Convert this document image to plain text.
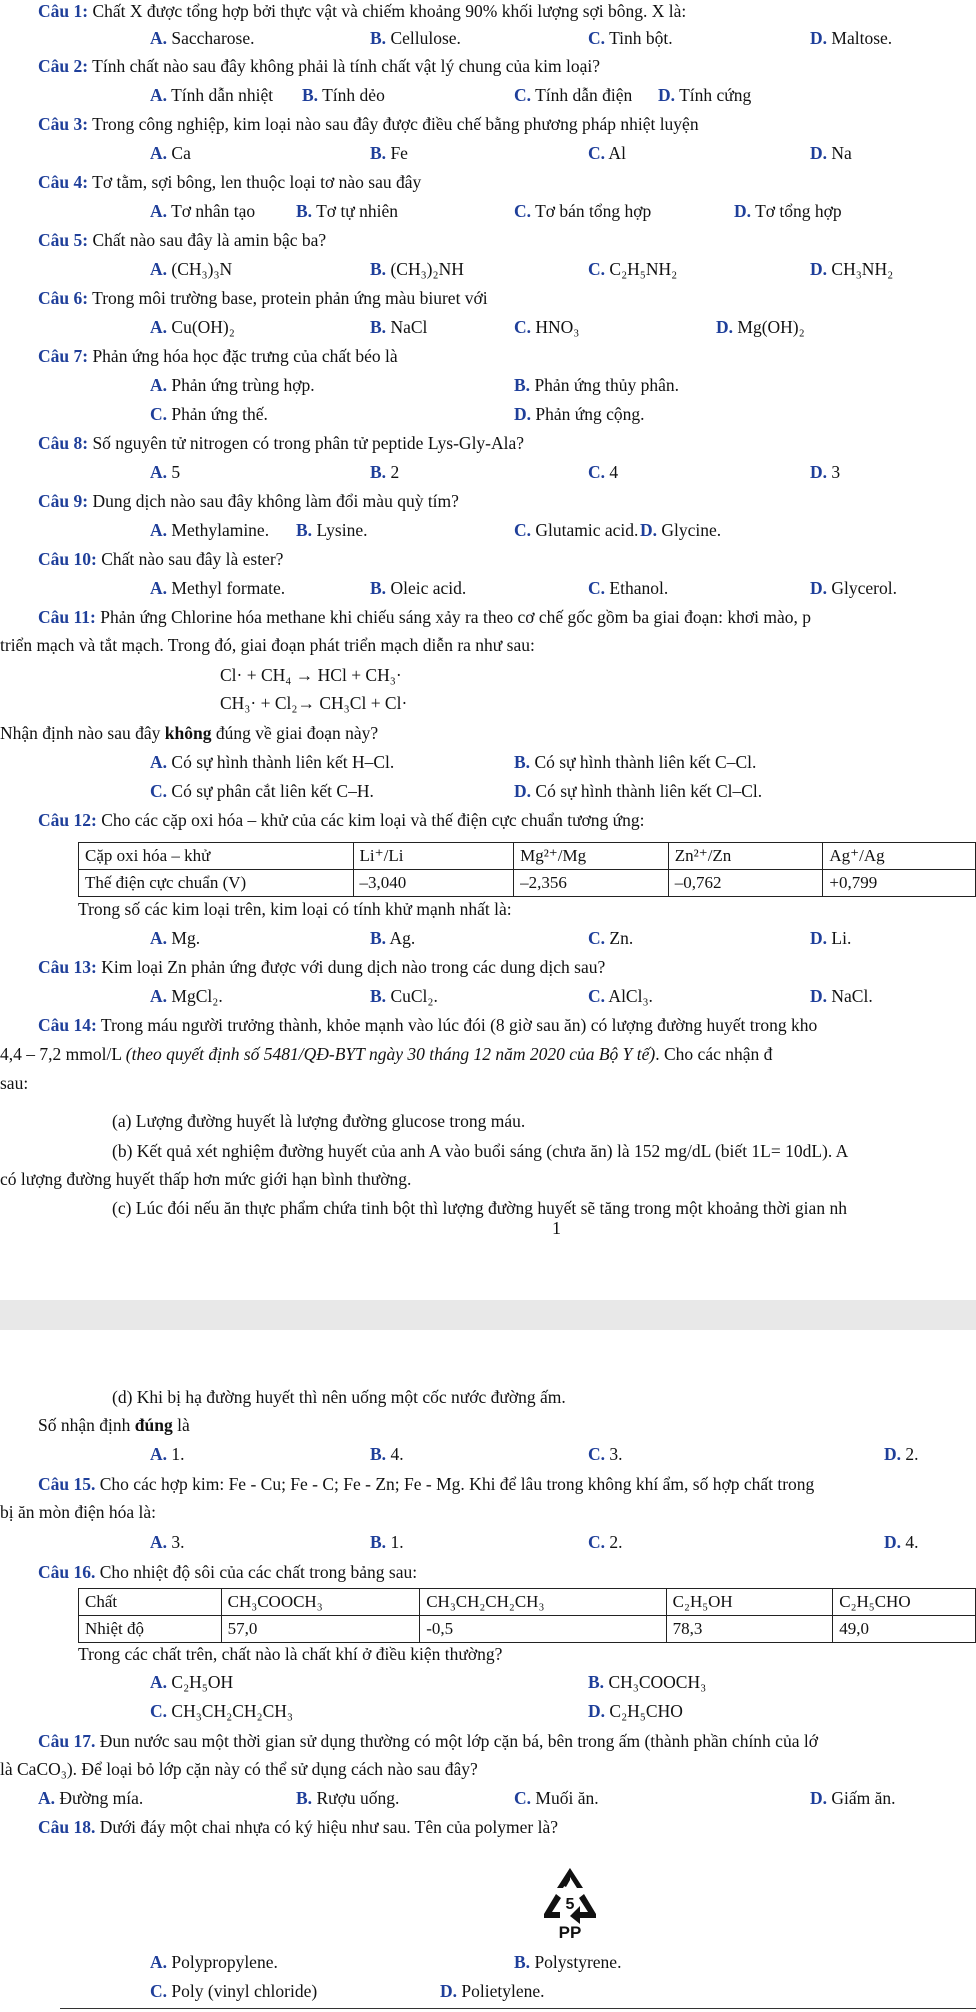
Câu 1: Chất X được tổng hợp bởi thực vật và chiếm khoảng 90% khối lượng sợi bông. X là:
A. Saccharose.	B. Cellulose.	C. Tinh bột.	D. Maltose.
Câu 2: Tính chất nào sau đây không phải là tính chất vật lý chung của kim loại?
A. Tính dẫn nhiệt B. Tính dẻo	C. Tính dẫn điện D. Tính cứng
Câu 3: Trong công nghiệp, kim loại nào sau đây được điều chế bằng phương pháp nhiệt luyện
A. Ca	B. Fe	C. Al	D. Na
Câu 4: Tơ tằm, sợi bông, len thuộc loại tơ nào sau đây
A. Tơ nhân tạo B. Tơ tự nhiên	C. Tơ bán tổng hợp	D. Tơ tổng hợp
Câu 5: Chất nào sau đây là amin bậc ba?
A. (CH₃)₃N	B. (CH₃)₂NH	C. C₂H₅NH₂	D. CH₃NH₂
Câu 6: Trong môi trường base, protein phản ứng màu biuret với
A. Cu(OH)₂	B. NaCl	C. HNO₃	D. Mg(OH)₂
Câu 7: Phản ứng hóa học đặc trưng của chất béo là
A. Phản ứng trùng hợp.	B. Phản ứng thủy phân.
C. Phản ứng thế.	D. Phản ứng cộng.
Câu 8: Số nguyên tử nitrogen có trong phân tử peptide Lys-Gly-Ala?
A. 5	B. 2	C. 4	D. 3
Câu 9: Dung dịch nào sau đây không làm đổi màu quỳ tím?
A. Methylamine. B. Lysine.	C. Glutamic acid. D. Glycine.
Câu 10: Chất nào sau đây là ester?
A. Methyl formate.	B. Oleic acid.	C. Ethanol.	D. Glycerol.
Câu 11: Phản ứng Chlorine hóa methane khi chiếu sáng xảy ra theo cơ chế gốc gồm ba giai đoạn: khơi mào, p
triển mạch và tắt mạch. Trong đó, giai đoạn phát triển mạch diễn ra như sau:
Cl· + CH₄ → HCl + CH₃·
CH₃· + Cl₂→ CH₃Cl + Cl·
Nhận định nào sau đây không đúng về giai đoạn này?
A. Có sự hình thành liên kết H–Cl.	B. Có sự hình thành liên kết C–Cl.
C. Có sự phân cắt liên kết C–H.	D. Có sự hình thành liên kết Cl–Cl.
Câu 12: Cho các cặp oxi hóa – khử của các kim loại và thế điện cực chuẩn tương ứng:
Cặp oxi hóa – khử	Li⁺/Li	Mg²⁺/Mg	Zn²⁺/Zn	Ag⁺/Ag
Thế điện cực chuẩn (V)	–3,040	–2,356	–0,762	+0,799
Trong số các kim loại trên, kim loại có tính khử mạnh nhất là:
A. Mg.	B. Ag.	C. Zn.	D. Li.
Câu 13: Kim loại Zn phản ứng được với dung dịch nào trong các dung dịch sau?
A. MgCl₂.	B. CuCl₂.	C. AlCl₃.	D. NaCl.
Câu 14: Trong máu người trưởng thành, khỏe mạnh vào lúc đói (8 giờ sau ăn) có lượng đường huyết trong kho
4,4 – 7,2 mmol/L (theo quyết định số 5481/QĐ-BYT ngày 30 tháng 12 năm 2020 của Bộ Y tế). Cho các nhận đ
sau:
(a) Lượng đường huyết là lượng đường glucose trong máu.
(b) Kết quả xét nghiệm đường huyết của anh A vào buổi sáng (chưa ăn) là 152 mg/dL (biết 1L= 10dL). A
có lượng đường huyết thấp hơn mức giới hạn bình thường.
(c) Lúc đói nếu ăn thực phẩm chứa tinh bột thì lượng đường huyết sẽ tăng trong một khoảng thời gian nh
1
(d) Khi bị hạ đường huyết thì nên uống một cốc nước đường ấm.
Số nhận định đúng là
A. 1.	B. 4.	C. 3.	D. 2.
Câu 15. Cho các hợp kim: Fe - Cu; Fe - C; Fe - Zn; Fe - Mg. Khi để lâu trong không khí ẩm, số hợp chất trong
bị ăn mòn điện hóa là:
A. 3.	B. 1.	C. 2.	D. 4.
Câu 16. Cho nhiệt độ sôi của các chất trong bảng sau:
Chất	CH₃COOCH₃	CH₃CH₂CH₂CH₃	C₂H₅OH	C₂H₅CHO
Nhiệt độ	57,0	-0,5	78,3	49,0
Trong các chất trên, chất nào là chất khí ở điều kiện thường?
A. C₂H₅OH	B. CH₃COOCH₃
C. CH₃CH₂CH₂CH₃	D. C₂H₅CHO
Câu 17. Đun nước sau một thời gian sử dụng thường có một lớp cặn bá, bên trong ấm (thành phần chính của lớ
là CaCO₃). Để loại bỏ lớp cặn này có thể sử dụng cách nào sau đây?
A. Đường mía.	B. Rượu uống.	C. Muối ăn.	D. Giấm ăn.
Câu 18. Dưới đáy một chai nhựa có ký hiệu như sau. Tên của polymer là?
5
PP
A. Polypropylene.	B. Polystyrene.
C. Poly (vinyl chloride)	D. Polietylene.
